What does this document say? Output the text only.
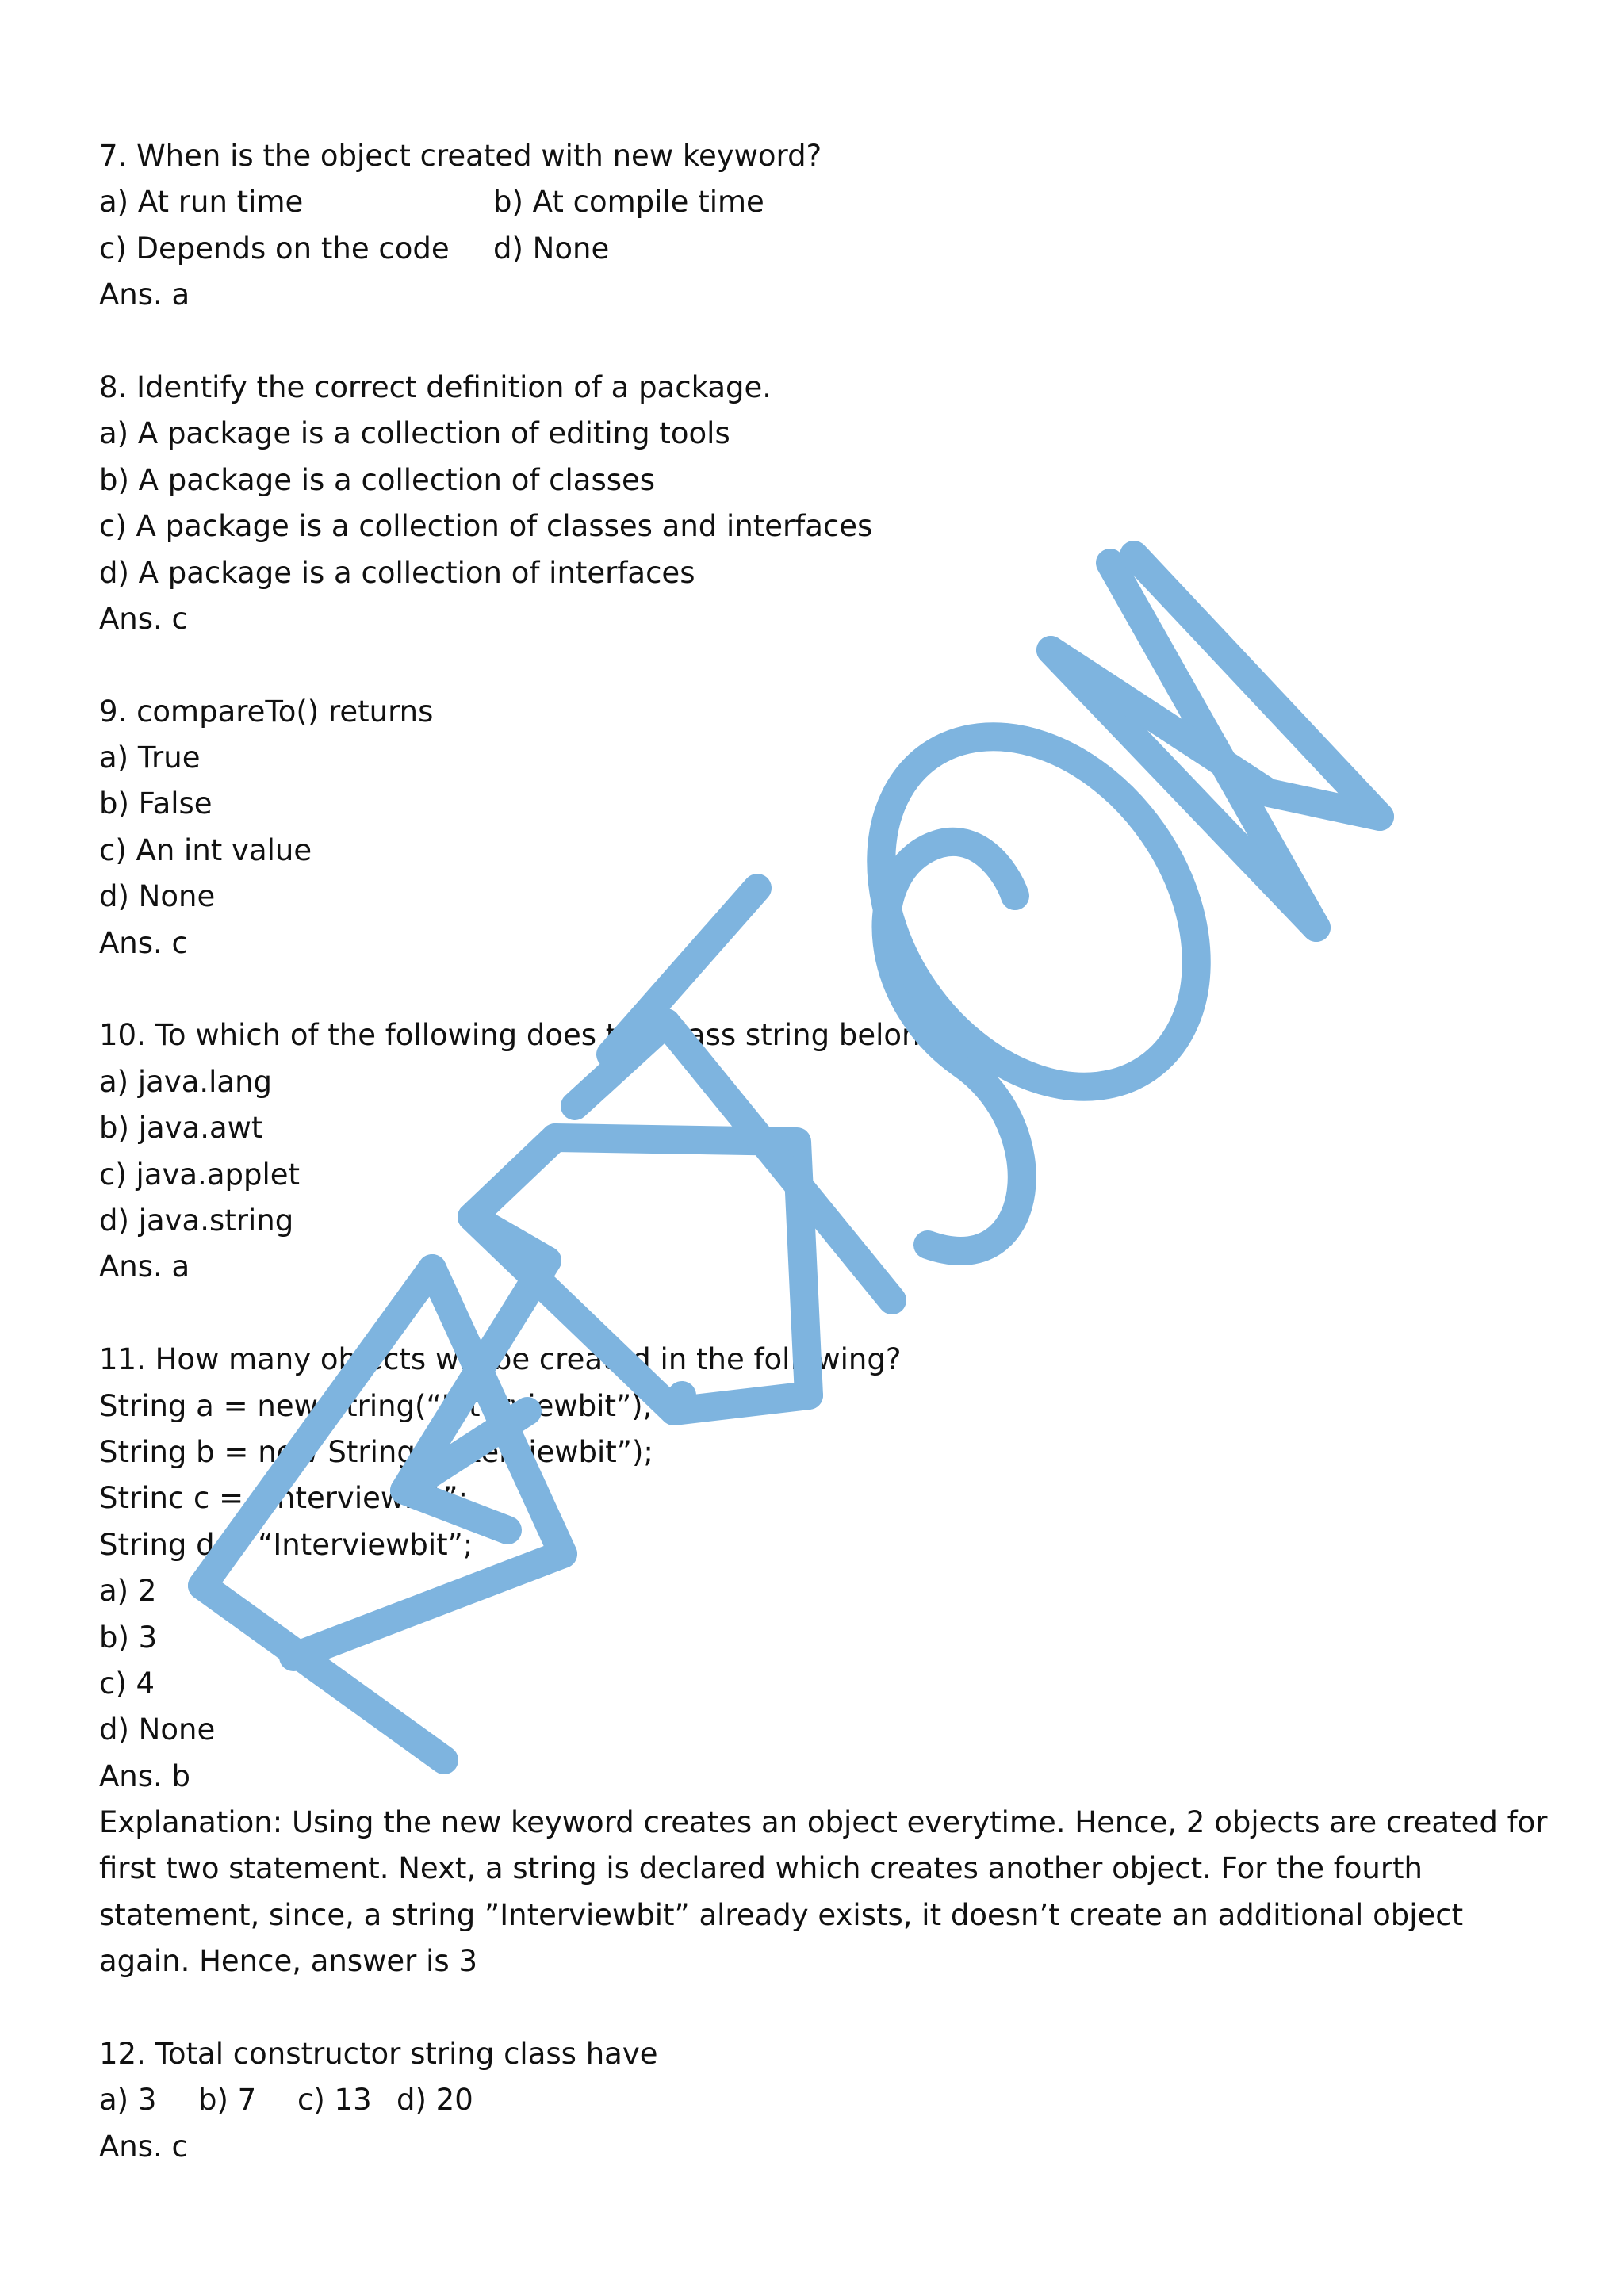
7. When is the object created with new keyword?
a) At run time	b) At compile time
c) Depends on the code d) None
Ans. a
8. Identify the correct definition of a package.
a) A package is a collection of editing tools
b) A package is a collection of classes
c) A package is a collection of classes and interfaces
d) A package is a collection of interfaces
Ans. c
9. compareTo() returns
a) True
b) False
c) An int value
d) None
Ans. c
10. To which of the following does the class string belong to
a) java.lang
b) java.awt
c) java.applet
d) java.string
Ans. a
11. How many objects will be created in the following?
String a = new String(“Interviewbit”);
String b = new String(“Interviewbit”);
Strinc c = “Interviewbit”;
String d = “Interviewbit”;
a) 2
b) 3
c) 4
d) None
Ans. b
Explanation: Using the new keyword creates an object everytime. Hence, 2 objects are created for first two statement. Next, a string is declared which creates another object. For the fourth statement, since, a string ”Interviewbit” already exists, it doesn’t create an additional object again. Hence, answer is 3
12. Total constructor string class have
a) 3 b) 7 c) 13 d) 20
Ans. c
